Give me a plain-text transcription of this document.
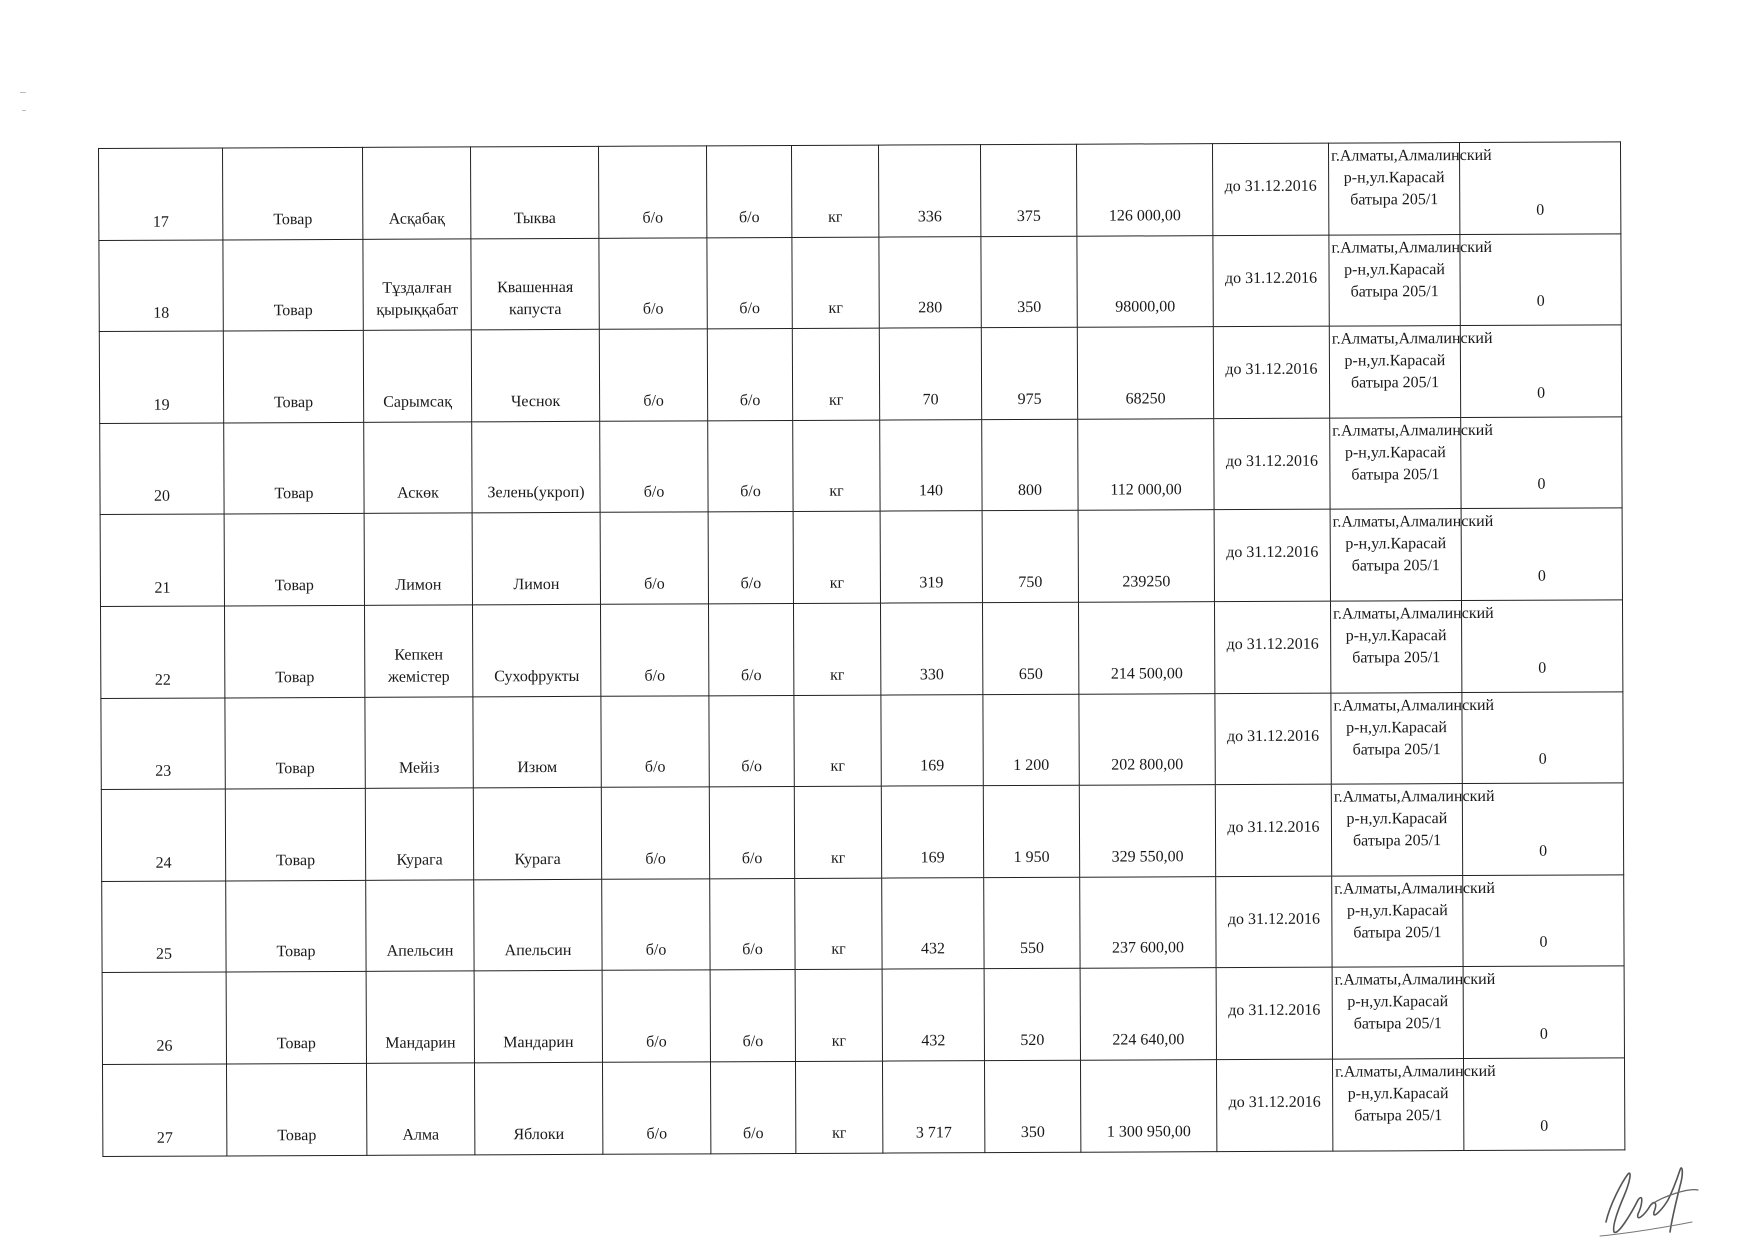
17	Товар	Асқабақ	Тыква	б/о	б/о	кг	336	375	126 000,00	до 31.12.2016	г.Алматы,Алмалинский р-н,ул.Карасай батыра 205/1	0
18	Товар	Тұздалған қырыққабат	Квашенная капуста	б/о	б/о	кг	280	350	98000,00	до 31.12.2016	г.Алматы,Алмалинский р-н,ул.Карасай батыра 205/1	0
19	Товар	Сарымсақ	Чеснок	б/о	б/о	кг	70	975	68250	до 31.12.2016	г.Алматы,Алмалинский р-н,ул.Карасай батыра 205/1	0
20	Товар	Аскөк	Зелень(укроп)	б/о	б/о	кг	140	800	112 000,00	до 31.12.2016	г.Алматы,Алмалинский р-н,ул.Карасай батыра 205/1	0
21	Товар	Лимон	Лимон	б/о	б/о	кг	319	750	239250	до 31.12.2016	г.Алматы,Алмалинский р-н,ул.Карасай батыра 205/1	0
22	Товар	Кепкен жемістер	Сухофрукты	б/о	б/о	кг	330	650	214 500,00	до 31.12.2016	г.Алматы,Алмалинский р-н,ул.Карасай батыра 205/1	0
23	Товар	Мейіз	Изюм	б/о	б/о	кг	169	1 200	202 800,00	до 31.12.2016	г.Алматы,Алмалинский р-н,ул.Карасай батыра 205/1	0
24	Товар	Курага	Курага	б/о	б/о	кг	169	1 950	329 550,00	до 31.12.2016	г.Алматы,Алмалинский р-н,ул.Карасай батыра 205/1	0
25	Товар	Апельсин	Апельсин	б/о	б/о	кг	432	550	237 600,00	до 31.12.2016	г.Алматы,Алмалинский р-н,ул.Карасай батыра 205/1	0
26	Товар	Мандарин	Мандарин	б/о	б/о	кг	432	520	224 640,00	до 31.12.2016	г.Алматы,Алмалинский р-н,ул.Карасай батыра 205/1	0
27	Товар	Алма	Яблоки	б/о	б/о	кг	3 717	350	1 300 950,00	до 31.12.2016	г.Алматы,Алмалинский р-н,ул.Карасай батыра 205/1	0
